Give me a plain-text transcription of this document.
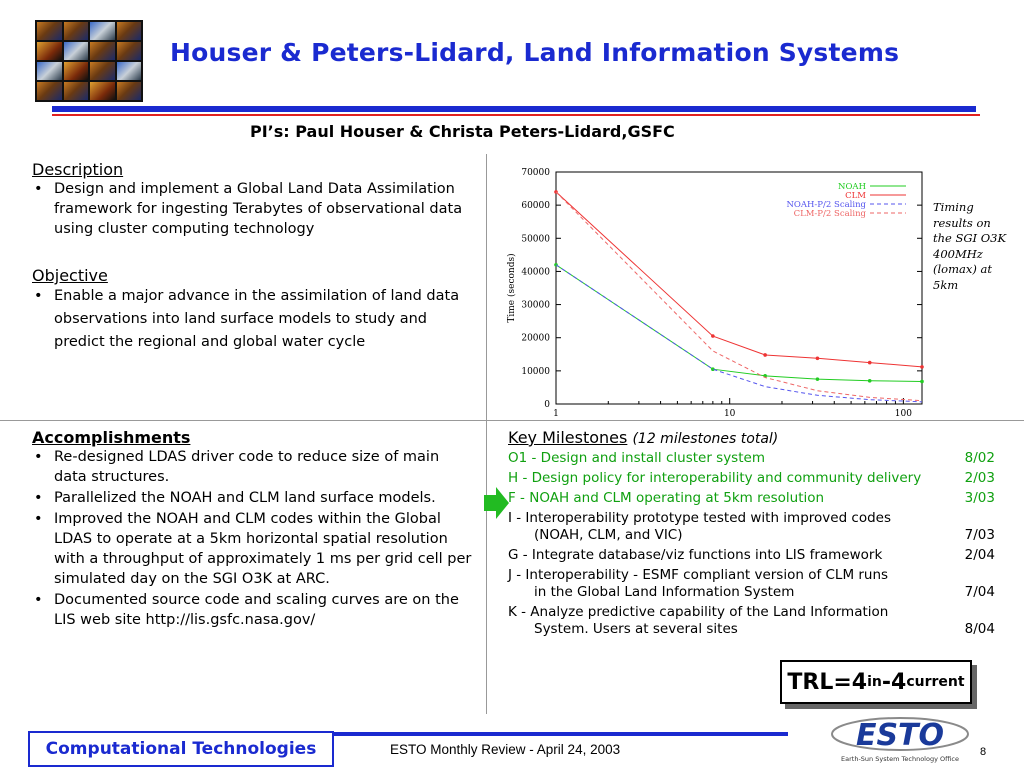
Houser & Peters-Lidard, Land Information Systems
PI’s: Paul Houser & Christa Peters-Lidard,GSFC
Description

• Design and implement a Global Land Data Assimilation framework for ingesting Terabytes of observational data using cluster computing technology

Objective

• Enable a major advance in the assimilation of land data observations into land surface models to study and predict the regional and global water cycle

Accomplishments

• Re-designed LDAS driver code to reduce size of main data structures.

• Parallelized the NOAH and CLM land surface models.

• Improved the NOAH and CLM codes within the Global LDAS to operate at a 5km horizontal spatial resolution with a throughput of approximately 1 ms per grid cell per simulated day on the SGI O3K at ARC.

• Documented source code and scaling curves are on the LIS web site http://lis.gsfc.nasa.gov/

0
10000
20000
30000
40000
50000
60000
70000
1	10	100
Time (seconds)
NOAH
CLM
NOAH-P/2 Scaling
CLM-P/2 Scaling	Timing results on the SGI O3K 400MHz (lomax) at 5km
Key Milestones (12 milestones total)
O1 - Design and install cluster system	8/02
H - Design policy for interoperability and community delivery	2/03
F - NOAH and CLM operating at 5km resolution	3/03
I - Interoperability prototype tested with improved codes
(NOAH, CLM, and VIC)	7/03
G - Integrate database/viz functions into LIS framework	2/04
J - Interoperability - ESMF compliant version of CLM runs
in the Global Land Information System	7/04
K - Analyze predictive capability of the Land Information
System. Users at several sites	8/04
TRL=4 in -4 current
Computational Technologies	ESTO Monthly Review - April 24, 2003	ESTO
Earth-Sun System Technology Office
8
